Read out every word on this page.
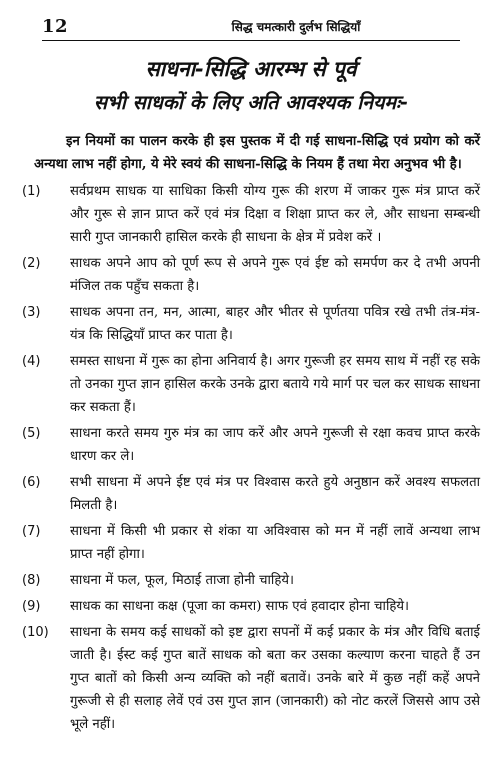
12	सिद्ध चमत्कारी दुर्लभ सिद्धियाँ
साधना-सिद्धि आरम्भ से पूर्व
सभी साधकों के लिए अति आवश्यक नियमः-

इन नियमों का पालन करके ही इस पुस्तक में दी गई साधना-सिद्धि एवं प्रयोग को करें अन्यथा लाभ नहीं होगा, ये मेरे स्वयं की साधना-सिद्धि के नियम हैं तथा मेरा अनुभव भी है।

(1)	सर्वप्रथम साधक या साधिका किसी योग्य गुरू की शरण में जाकर गुरू मंत्र प्राप्त करें और गुरू से ज्ञान प्राप्त करें एवं मंत्र दिक्षा व शिक्षा प्राप्त कर ले, और साधना सम्बन्धी सारी गुप्त जानकारी हासिल करके ही साधना के क्षेत्र में प्रवेश करें ।
(2)	साधक अपने आप को पूर्ण रूप से अपने गुरू एवं ईष्ट को समर्पण कर दे तभी अपनी मंजिल तक पहुँच सकता है।
(3)	साधक अपना तन, मन, आत्मा, बाहर और भीतर से पूर्णतया पवित्र रखे तभी तंत्र-मंत्र-यंत्र कि सिद्धियाँ प्राप्त कर पाता है।
(4)	समस्त साधना में गुरू का होना अनिवार्य है। अगर गुरूजी हर समय साथ में नहीं रह सके तो उनका गुप्त ज्ञान हासिल करके उनके द्वारा बताये गये मार्ग पर चल कर साधक साधना कर सकता हैं।
(5)	साधना करते समय गुरु मंत्र का जाप करें और अपने गुरूजी से रक्षा कवच प्राप्त करके धारण कर ले।
(6)	सभी साधना में अपने ईष्ट एवं मंत्र पर विश्वास करते हुये अनुष्ठान करें अवश्य सफलता मिलती है।
(7)	साधना में किसी भी प्रकार से शंका या अविश्वास को मन में नहीं लावें अन्यथा लाभ प्राप्त नहीं होगा।
(8)	साधना में फल, फूल, मिठाई ताजा होनी चाहिये।
(9)	साधक का साधना कक्ष (पूजा का कमरा) साफ एवं हवादार होना चाहिये।
(10)	साधना के समय कई साधकों को इष्ट द्वारा सपनों में कई प्रकार के मंत्र और विधि बताई जाती है। ईस्ट कई गुप्त बातें साधक को बता कर उसका कल्याण करना चाहते हैं उन गुप्त बातों को किसी अन्य व्यक्ति को नहीं बतावें। उनके बारे में कुछ नहीं कहें अपने गुरूजी से ही सलाह लेवें एवं उस गुप्त ज्ञान (जानकारी) को नोट करलें जिससे आप उसे भूले नहीं।
